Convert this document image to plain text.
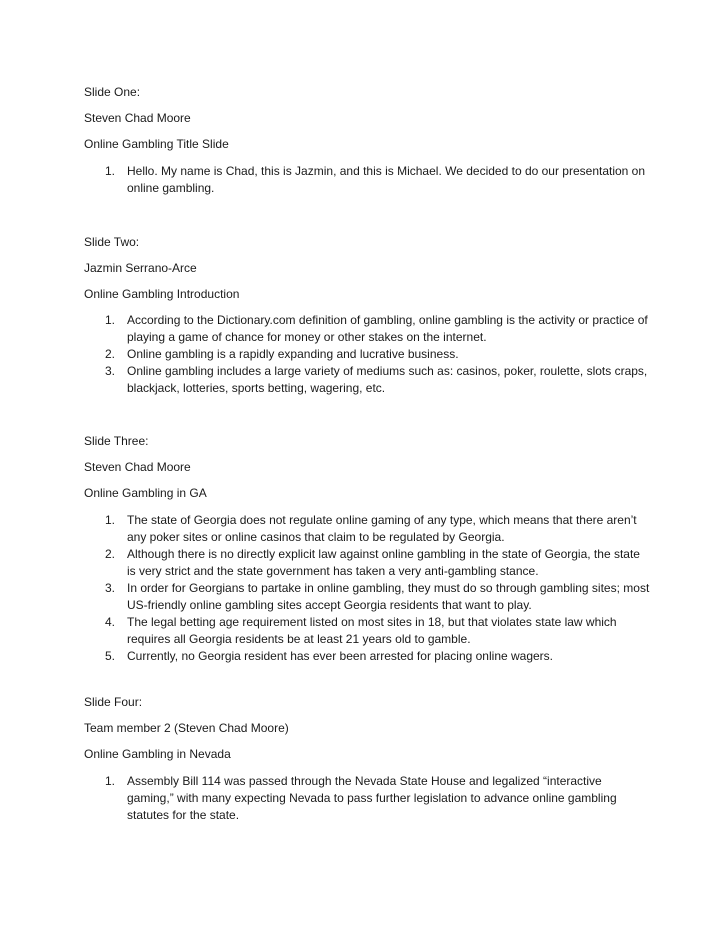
Slide One:
Steven Chad Moore
Online Gambling Title Slide
1. Hello. My name is Chad, this is Jazmin, and this is Michael. We decided to do our presentation on online gambling.
Slide Two:
Jazmin Serrano-Arce
Online Gambling Introduction
1. According to the Dictionary.com definition of gambling, online gambling is the activity or practice of playing a game of chance for money or other stakes on the internet.
2. Online gambling is a rapidly expanding and lucrative business.
3. Online gambling includes a large variety of mediums such as: casinos, poker, roulette, slots craps, blackjack, lotteries, sports betting, wagering, etc.
Slide Three:
Steven Chad Moore
Online Gambling in GA
1. The state of Georgia does not regulate online gaming of any type, which means that there aren’t any poker sites or online casinos that claim to be regulated by Georgia.
2. Although there is no directly explicit law against online gambling in the state of Georgia, the state is very strict and the state government has taken a very anti-gambling stance.
3. In order for Georgians to partake in online gambling, they must do so through gambling sites; most US-friendly online gambling sites accept Georgia residents that want to play.
4. The legal betting age requirement listed on most sites in 18, but that violates state law which requires all Georgia residents be at least 21 years old to gamble.
5. Currently, no Georgia resident has ever been arrested for placing online wagers.
Slide Four:
Team member 2 (Steven Chad Moore)
Online Gambling in Nevada
1. Assembly Bill 114 was passed through the Nevada State House and legalized “interactive gaming,” with many expecting Nevada to pass further legislation to advance online gambling statutes for the state.
